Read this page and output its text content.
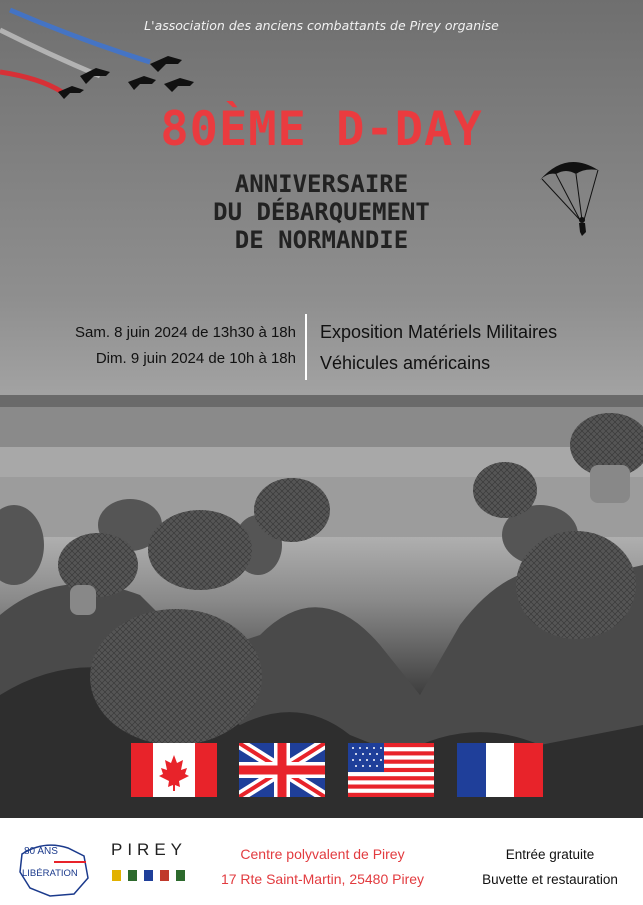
L'association des anciens combattants de Pirey organise
80ÈME D-DAY
ANNIVERSAIRE
DU DÉBARQUEMENT
DE NORMANDIE
Sam. 8 juin 2024 de 13h30 à 18h
Dim. 9 juin 2024 de 10h à 18h
Exposition Matériels Militaires
Véhicules américains
80 ANS
LIBÉRATION
PIREY	Centre polyvalent de Pirey
17 Rte Saint-Martin, 25480 Pirey
Entrée gratuite
Buvette et restauration
